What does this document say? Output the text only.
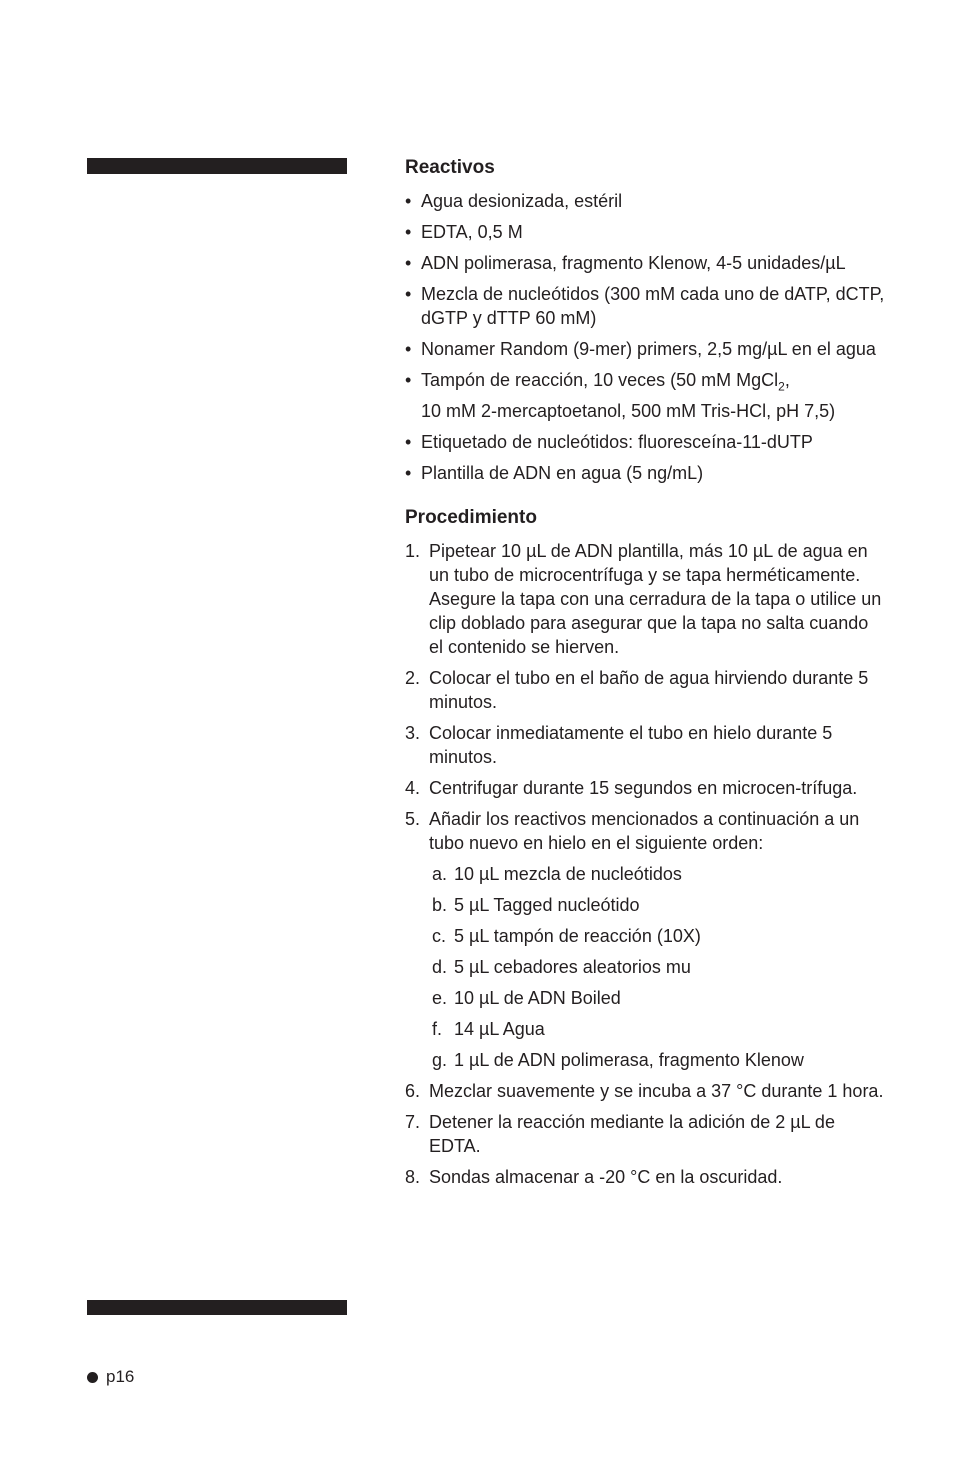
Reactivos
• Agua desionizada, estéril
• EDTA, 0,5 M
• ADN polimerasa, fragmento Klenow, 4-5 unidades/µL
• Mezcla de nucleótidos (300 mM cada uno de dATP, dCTP, dGTP y dTTP 60 mM)
• Nonamer Random (9-mer) primers, 2,5 mg/µL en el agua
• Tampón de reacción, 10 veces (50 mM MgCl$_2$,
10 mM 2-mercaptoetanol, 500 mM Tris-HCl, pH 7,5)
• Etiquetado de nucleótidos: fluoresceína-11-dUTP
• Plantilla de ADN en agua (5 ng/mL)
Procedimiento
1. Pipetear 10 µL de ADN plantilla, más 10 µL de agua en un tubo de microcentrífuga y se tapa herméticamente. Asegure la tapa con una cerradura de la tapa o utilice un clip doblado para asegurar que la tapa no salta cuando el contenido se hierven.
2. Colocar el tubo en el baño de agua hirviendo durante 5 minutos.
3. Colocar inmediatamente el tubo en hielo durante 5 minutos.
4. Centrifugar durante 15 segundos en microcen-trífuga.
5. Añadir los reactivos mencionados a continuación a un tubo nuevo en hielo en el siguiente orden:
a. 10 µL mezcla de nucleótidos
b. 5 µL Tagged nucleótido
c. 5 µL tampón de reacción (10X)
d. 5 µL cebadores aleatorios mu
e. 10 µL de ADN Boiled
f. 14 µL Agua
g. 1 µL de ADN polimerasa, fragmento Klenow
6. Mezclar suavemente y se incuba a 37 °C durante 1 hora.
7. Detener la reacción mediante la adición de 2 µL de EDTA.
8. Sondas almacenar a -20 °C en la oscuridad.
p16
